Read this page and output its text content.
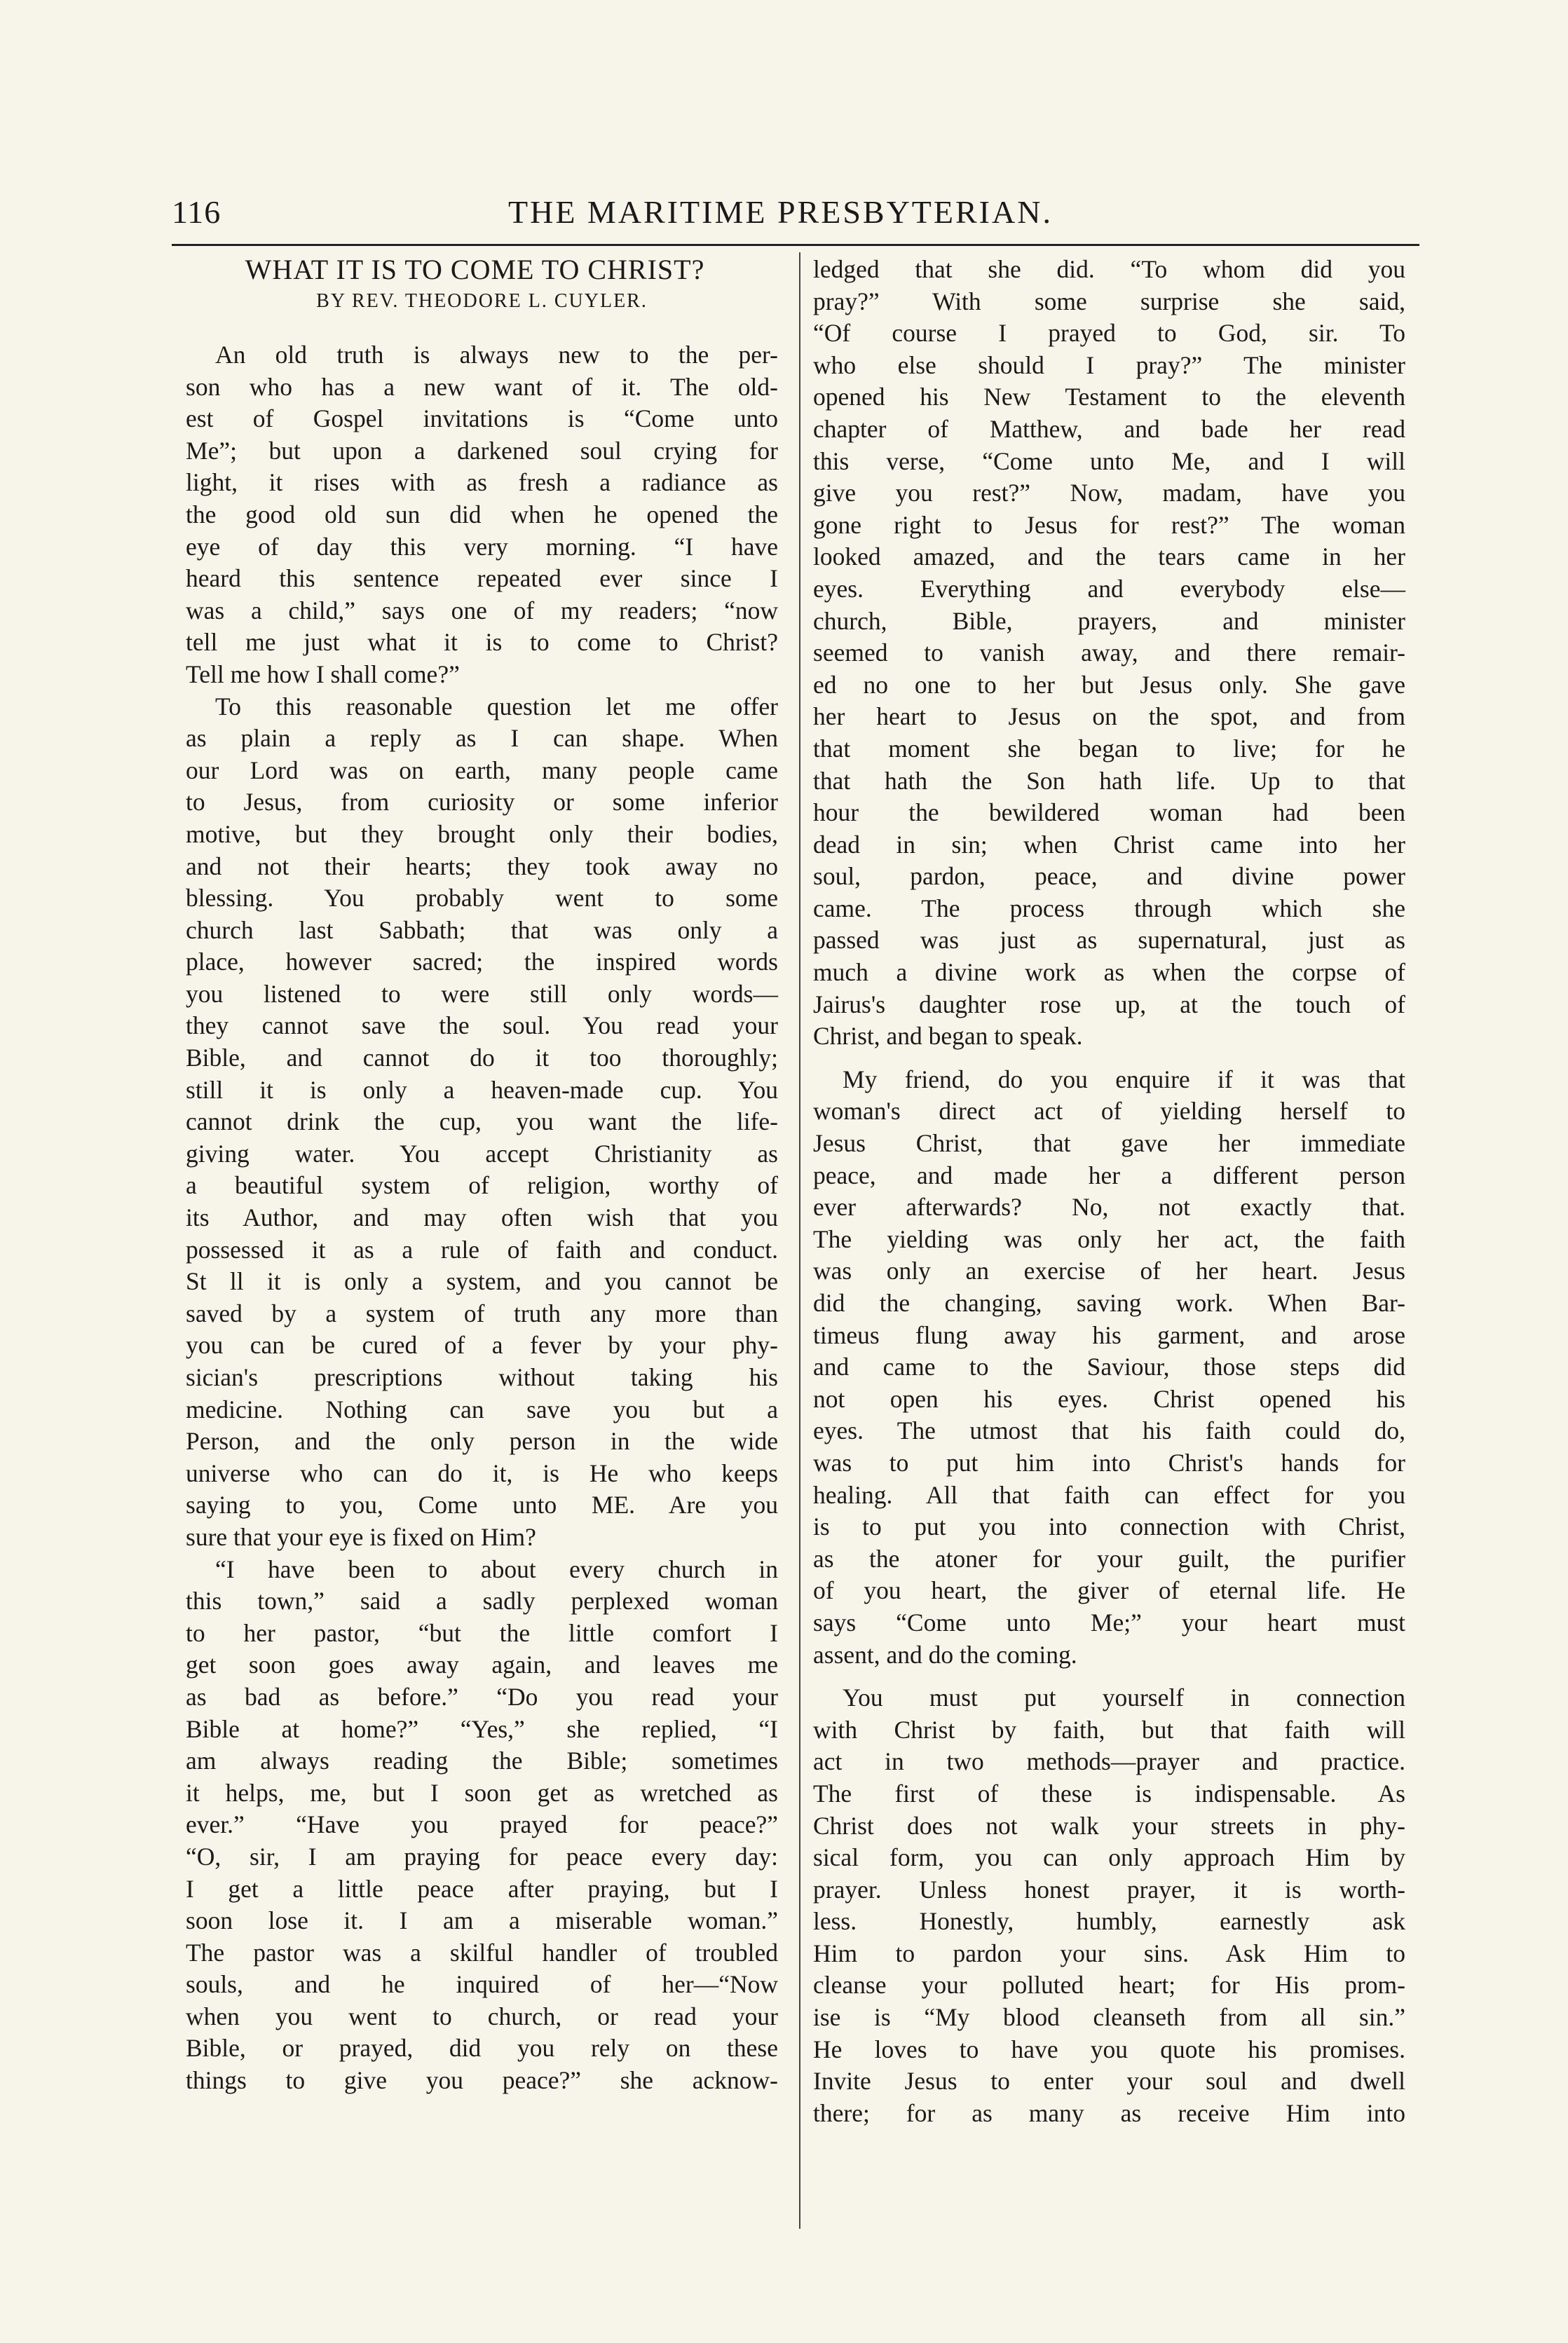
116	THE MARITIME PRESBYTERIAN.
WHAT IT IS TO COME TO CHRIST?
BY REV. THEODORE L. CUYLER.
An old truth is always new to the per-
son who has a new want of it. The old-
est of Gospel invitations is “Come unto
Me”; but upon a darkened soul crying for
light, it rises with as fresh a radiance as
the good old sun did when he opened the
eye of day this very morning. “I have
heard this sentence repeated ever since I
was a child,” says one of my readers; “now
tell me just what it is to come to Christ?
Tell me how I shall come?”
To this reasonable question let me offer
as plain a reply as I can shape. When
our Lord was on earth, many people came
to Jesus, from curiosity or some inferior
motive, but they brought only their bodies,
and not their hearts; they took away no
blessing. You probably went to some
church last Sabbath; that was only a
place, however sacred; the inspired words
you listened to were still only words—
they cannot save the soul. You read your
Bible, and cannot do it too thoroughly;
still it is only a heaven-made cup. You
cannot drink the cup, you want the life-
giving water. You accept Christianity as
a beautiful system of religion, worthy of
its Author, and may often wish that you
possessed it as a rule of faith and conduct.
St ll it is only a system, and you cannot be
saved by a system of truth any more than
you can be cured of a fever by your phy-
sician's prescriptions without taking his
medicine. Nothing can save you but a
Person, and the only person in the wide
universe who can do it, is He who keeps
saying to you, Come unto ME. Are you
sure that your eye is fixed on Him?
“I have been to about every church in
this town,” said a sadly perplexed woman
to her pastor, “but the little comfort I
get soon goes away again, and leaves me
as bad as before.” “Do you read your
Bible at home?” “Yes,” she replied, “I
am always reading the Bible; sometimes
it helps, me, but I soon get as wretched as
ever.” “Have you prayed for peace?”
“O, sir, I am praying for peace every day:
I get a little peace after praying, but I
soon lose it. I am a miserable woman.”
The pastor was a skilful handler of troubled
souls, and he inquired of her—“Now
when you went to church, or read your
Bible, or prayed, did you rely on these
things to give you peace?” she acknow-
ledged that she did. “To whom did you
pray?” With some surprise she said,
“Of course I prayed to God, sir. To
who else should I pray?” The minister
opened his New Testament to the eleventh
chapter of Matthew, and bade her read
this verse, “Come unto Me, and I will
give you rest?” Now, madam, have you
gone right to Jesus for rest?” The woman
looked amazed, and the tears came in her
eyes. Everything and everybody else—
church, Bible, prayers, and minister
seemed to vanish away, and there remair-
ed no one to her but Jesus only. She gave
her heart to Jesus on the spot, and from
that moment she began to live; for he
that hath the Son hath life. Up to that
hour the bewildered woman had been
dead in sin; when Christ came into her
soul, pardon, peace, and divine power
came. The process through which she
passed was just as supernatural, just as
much a divine work as when the corpse of
Jairus's daughter rose up, at the touch of
Christ, and began to speak.
My friend, do you enquire if it was that
woman's direct act of yielding herself to
Jesus Christ, that gave her immediate
peace, and made her a different person
ever afterwards? No, not exactly that.
The yielding was only her act, the faith
was only an exercise of her heart. Jesus
did the changing, saving work. When Bar-
timeus flung away his garment, and arose
and came to the Saviour, those steps did
not open his eyes. Christ opened his
eyes. The utmost that his faith could do,
was to put him into Christ's hands for
healing. All that faith can effect for you
is to put you into connection with Christ,
as the atoner for your guilt, the purifier
of you heart, the giver of eternal life. He
says “Come unto Me;” your heart must
assent, and do the coming.
You must put yourself in connection
with Christ by faith, but that faith will
act in two methods—prayer and practice.
The first of these is indispensable. As
Christ does not walk your streets in phy-
sical form, you can only approach Him by
prayer. Unless honest prayer, it is worth-
less. Honestly, humbly, earnestly ask
Him to pardon your sins. Ask Him to
cleanse your polluted heart; for His prom-
ise is “My blood cleanseth from all sin.”
He loves to have you quote his promises.
Invite Jesus to enter your soul and dwell
there; for as many as receive Him into
